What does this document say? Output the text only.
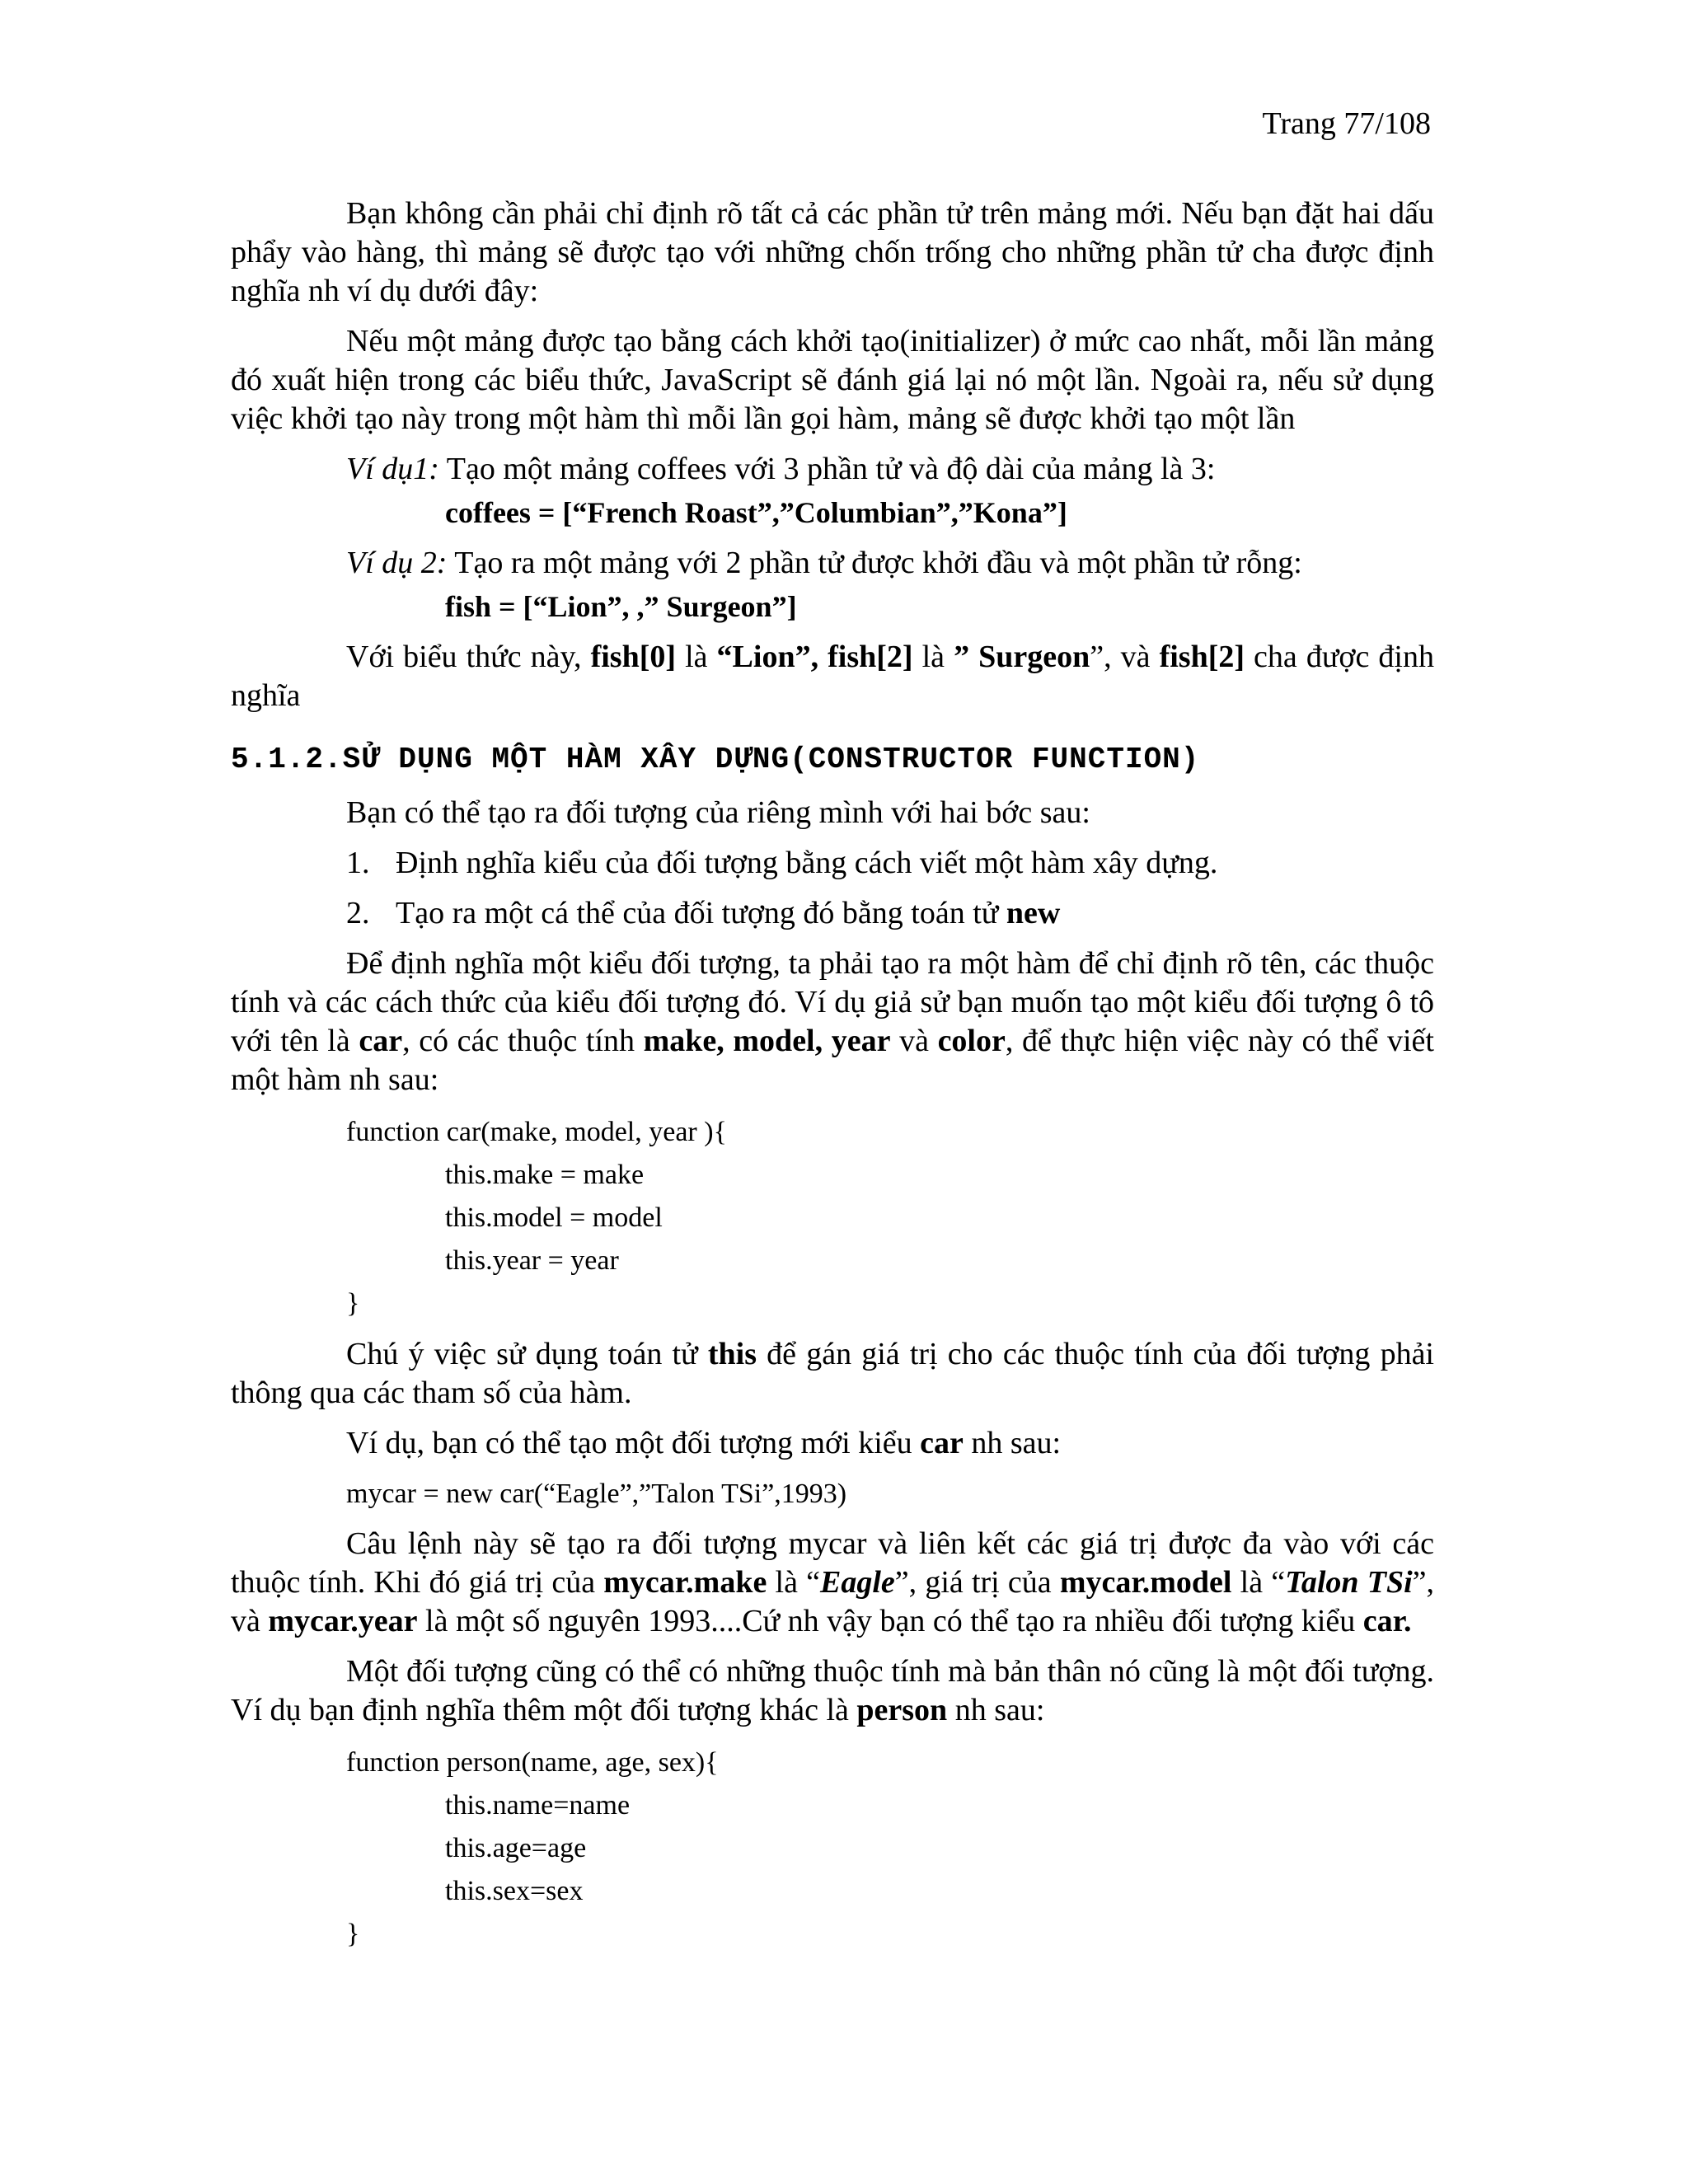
Trang 77/108

Bạn không cần phải chỉ định rõ tất cả các phần tử trên mảng mới. Nếu bạn đặt hai dấu phẩy vào hàng, thì mảng sẽ được tạo với những chốn trống cho những phần tử cha được định nghĩa nh ví dụ dưới đây:

Nếu một mảng được tạo bằng cách khởi tạo(initializer) ở mức cao nhất, mỗi lần mảng đó xuất hiện trong các biểu thức, JavaScript sẽ đánh giá lại nó một lần. Ngoài ra, nếu sử dụng việc khởi tạo này trong một hàm thì mỗi lần gọi hàm, mảng sẽ được khởi tạo một lần

Ví dụ1: Tạo một mảng coffees với 3 phần tử và độ dài của mảng là 3:

coffees = [“French Roast”,”Columbian”,”Kona”]

Ví dụ 2: Tạo ra một mảng với 2 phần tử được khởi đầu và một phần tử rỗng:

fish = [“Lion”, ,” Surgeon”]

Với biểu thức này, fish[0] là “Lion”, fish[2] là ” Surgeon”, và fish[2] cha được định nghĩa

5.1.2.SỬ DỤNG MỘT HÀM XÂY DỰNG(CONSTRUCTOR FUNCTION)

Bạn có thể tạo ra đối tượng của riêng mình với hai bớc sau:

1. Định nghĩa kiểu của đối tượng bằng cách viết một hàm xây dựng.
2. Tạo ra một cá thể của đối tượng đó bằng toán tử new

Để định nghĩa một kiểu đối tượng, ta phải tạo ra một hàm để chỉ định rõ tên, các thuộc tính và các cách thức của kiểu đối tượng đó. Ví dụ giả sử bạn muốn tạo một kiểu đối tượng ô tô với tên là car, có các thuộc tính make, model, year và color, để thực hiện việc này có thể viết một hàm nh sau:

function car(make, model, year ){
this.make = make
this.model = model
this.year = year
}

Chú ý việc sử dụng toán tử this để gán giá trị cho các thuộc tính của đối tượng phải thông qua các tham số của hàm.

Ví dụ, bạn có thể tạo một đối tượng mới kiểu car nh sau:

mycar = new car(“Eagle”,”Talon TSi”,1993)

Câu lệnh này sẽ tạo ra đối tượng mycar và liên kết các giá trị được đa vào với các thuộc tính. Khi đó giá trị của mycar.make là “Eagle”, giá trị của mycar.model là “Talon TSi”, và mycar.year là một số nguyên 1993....Cứ nh vậy bạn có thể tạo ra nhiều đối tượng kiểu car.

Một đối tượng cũng có thể có những thuộc tính mà bản thân nó cũng là một đối tượng. Ví dụ bạn định nghĩa thêm một đối tượng khác là person nh sau:

function person(name, age, sex){
this.name=name
this.age=age
this.sex=sex
}
